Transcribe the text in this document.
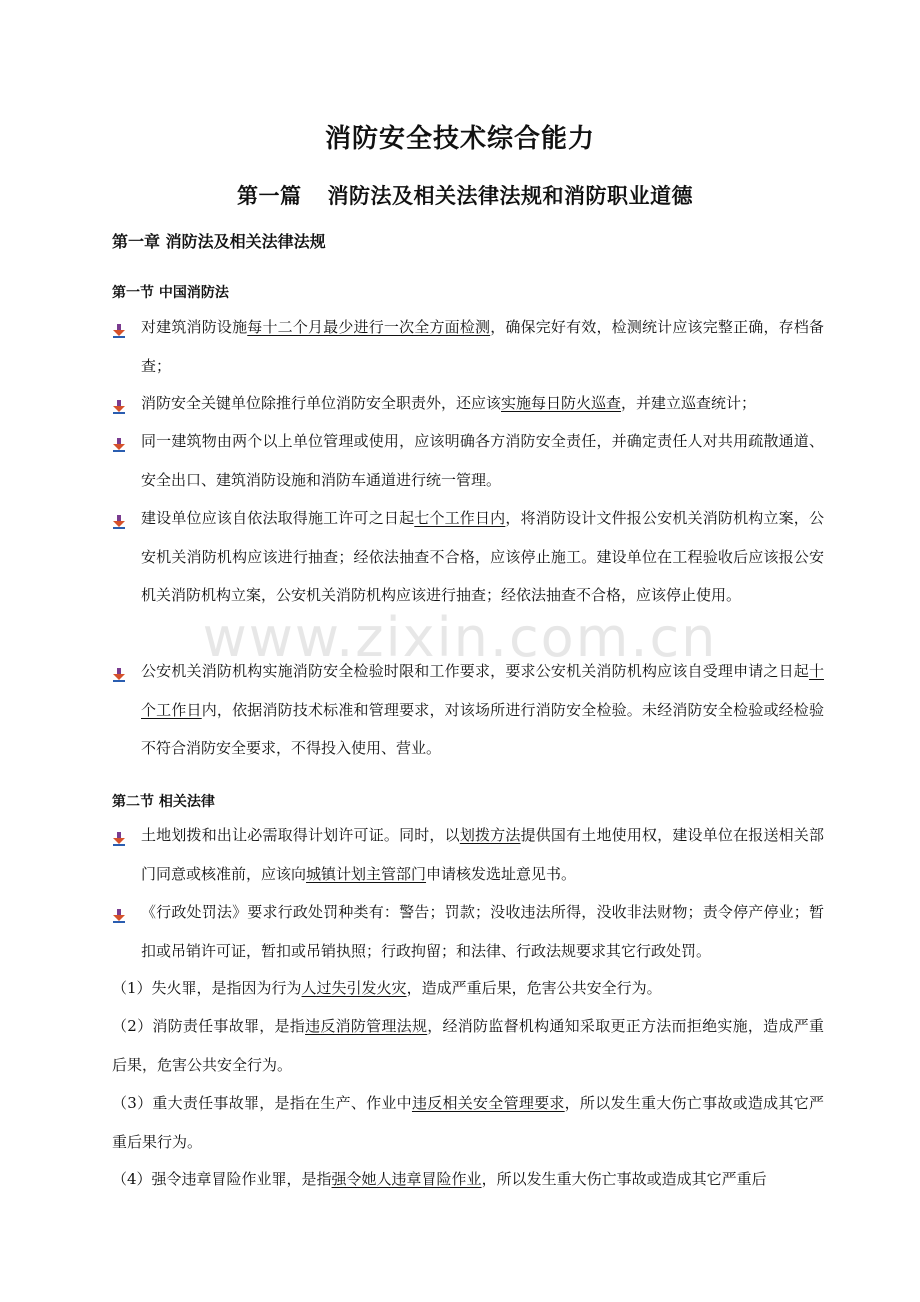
www.zixin.com.cn
消防安全技术综合能力
第一篇 消防法及相关法律法规和消防职业道德
第一章 消防法及相关法律法规
第一节 中国消防法
对建筑消防设施每十二个月最少进行一次全方面检测，确保完好有效，检测统计应该完整正确，存档备查；
消防安全关键单位除推行单位消防安全职责外，还应该实施每日防火巡查，并建立巡查统计；
同一建筑物由两个以上单位管理或使用，应该明确各方消防安全责任，并确定责任人对共用疏散通道、安全出口、建筑消防设施和消防车通道进行统一管理。
建设单位应该自依法取得施工许可之日起七个工作日内，将消防设计文件报公安机关消防机构立案，公安机关消防机构应该进行抽查；经依法抽查不合格，应该停止施工。建设单位在工程验收后应该报公安机关消防机构立案，公安机关消防机构应该进行抽查；经依法抽查不合格，应该停止使用。
公安机关消防机构实施消防安全检验时限和工作要求，要求公安机关消防机构应该自受理申请之日起十个工作日内，依据消防技术标准和管理要求，对该场所进行消防安全检验。未经消防安全检验或经检验不符合消防安全要求，不得投入使用、营业。
第二节 相关法律
土地划拨和出让必需取得计划许可证。同时，以划拨方法提供国有土地使用权，建设单位在报送相关部门同意或核准前，应该向城镇计划主管部门申请核发选址意见书。
《行政处罚法》要求行政处罚种类有：警告；罚款；没收违法所得，没收非法财物；责令停产停业；暂扣或吊销许可证，暂扣或吊销执照；行政拘留；和法律、行政法规要求其它行政处罚。
（1）失火罪，是指因为行为人过失引发火灾，造成严重后果，危害公共安全行为。
（2）消防责任事故罪，是指违反消防管理法规，经消防监督机构通知采取更正方法而拒绝实施，造成严重后果，危害公共安全行为。
（3）重大责任事故罪，是指在生产、作业中违反相关安全管理要求，所以发生重大伤亡事故或造成其它严重后果行为。
（4）强令违章冒险作业罪，是指强令她人违章冒险作业，所以发生重大伤亡事故或造成其它严重后
